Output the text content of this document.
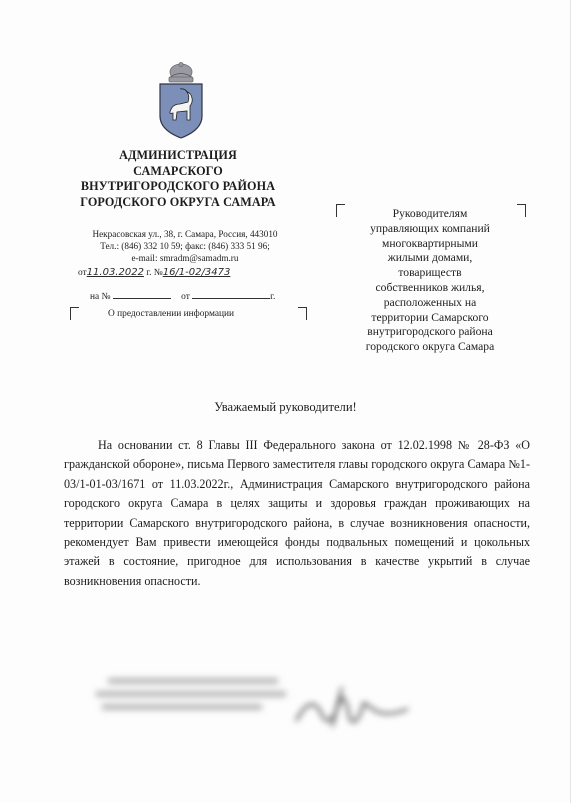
АДМИНИСТРАЦИЯ
САМАРСКОГО
ВНУТРИГОРОДСКОГО РАЙОНА
ГОРОДСКОГО ОКРУГА САМАРА
Некрасовская ул., 38, г. Самара, Россия, 443010
Тел.: (846) 332 10 59; факс: (846) 333 51 96;
e-mail: smradm@samadm.ru
от11.03.2022 г. №16/1-02/3473
на №	от	г.
О предоставлении информации
Руководителям
управляющих компаний
многоквартирными
жилыми домами,
товариществ
собственников жилья,
расположенных на
территории Самарского
внутригородского района
городского округа Самара
Уважаемый руководители!

На основании ст. 8 Главы III Федерального закона от 12.02.1998 № 28-ФЗ «О гражданской обороне», письма Первого заместителя главы городского округа Самара №1-03/1-01-03/1671 от 11.03.2022г., Администрация Самарского внутригородского района городского округа Самара в целях защиты и здоровья граждан проживающих на территории Самарского внутригородского района, в случае возникновения опасности, рекомендует Вам привести имеющейся фонды подвальных помещений и цокольных этажей в состояние, пригодное для использования в качестве укрытий в случае возникновения опасности.
